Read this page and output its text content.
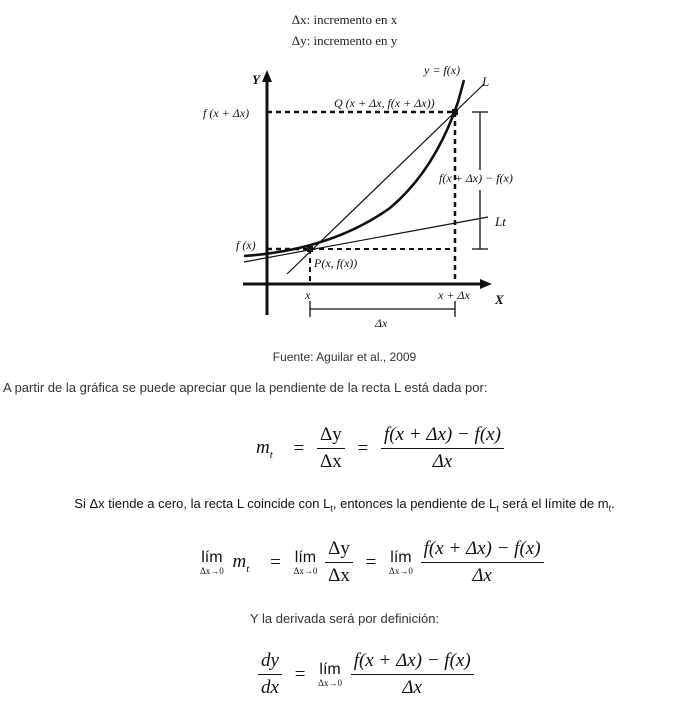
Δx: incremento en x
Δy: incremento en y
y = f(x)
L
Lt
Y
X
Q (x + Δx, f(x + Δx))
P(x, f(x))
f (x)
f (x + Δx)
x	x + Δx
Δx
f(x + Δx) − f(x)
Fuente: Aguilar et al., 2009
A partir de la gráfica se puede apreciar que la pendiente de la recta L está dada por:
$m_t = \frac{\Delta y}{\Delta x} = \frac{f(x + \Delta x) - f(x)}{\Delta x}$
Si Δx tiende a cero, la recta L coincide con $L_t$, entonces la pendiente de $L_t$ será el límite de $m_t$.
lím
Δx→0 $m_t$ = lím
Δx→0
$\frac{\Delta y}{\Delta x}$ = lím
Δx→0
$\frac{f(x + \Delta x) - f(x)}{\Delta x}$
Y la derivada será por definición:
$\frac{dy}{dx}$ = lím
Δx→0
$\frac{f(x + \Delta x) - f(x)}{\Delta x}$
